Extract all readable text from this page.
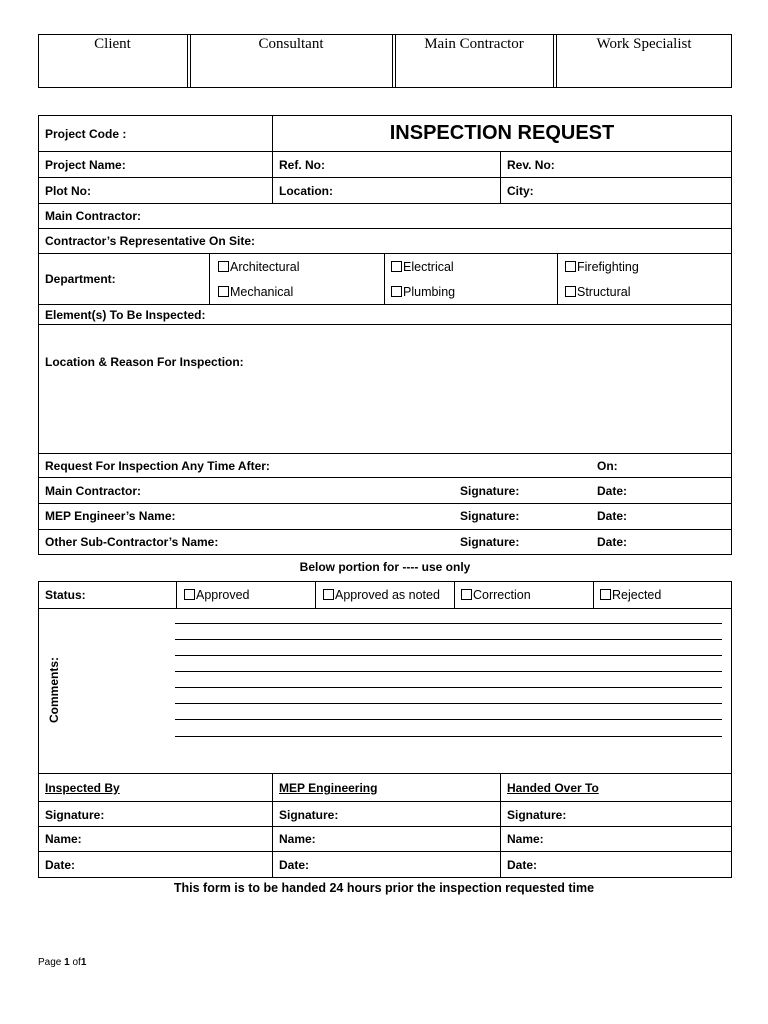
Client	Consultant	Main Contractor	Work Specialist
Project Code :	INSPECTION REQUEST
Project Name:	Ref. No:	Rev. No:
Plot No:	Location:	City:
Main Contractor:
Contractor’s Representative On Site:
Department:
Architectural	Electrical	Firefighting
Mechanical	Plumbing	Structural
Element(s) To Be Inspected:
Location & Reason For Inspection:
Request For Inspection Any Time After:	On:
Main Contractor:	Signature:	Date:
MEP Engineer’s Name:	Signature:	Date:
Other Sub-Contractor’s Name:	Signature:	Date:
Below portion for ---- use only
Status:	Approved	Approved as noted	Correction	Rejected
Comments:
Inspected By	MEP Engineering	Handed Over To
Signature:	Signature:	Signature:
Name:	Name:	Name:
Date:	Date:	Date:
This form is to be handed 24 hours prior the inspection requested time
Page 1 of1
